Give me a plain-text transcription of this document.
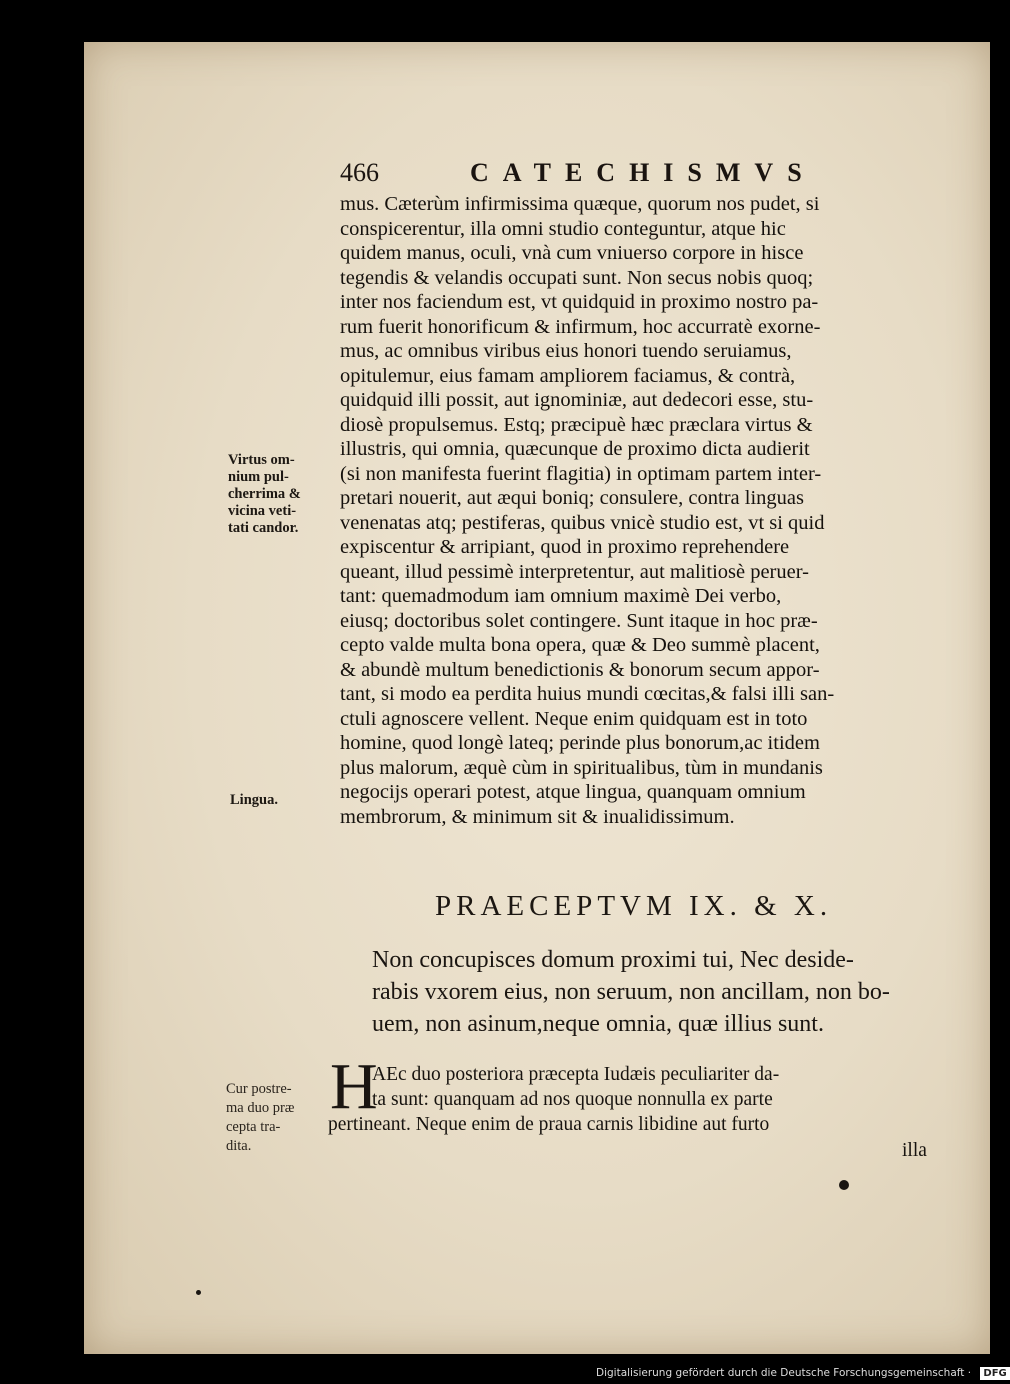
466	CATECHISMVS
mus. Cæterùm infirmissima quæque, quorum nos pudet, si
conspicerentur, illa omni studio conteguntur, atque hic
quidem manus, oculi, vnà cum vniuerso corpore in hisce
tegendis & velandis occupati sunt. Non secus nobis quoq;
inter nos faciendum est, vt quidquid in proximo nostro pa-
rum fuerit honorificum & infirmum, hoc accurratè exorne-
mus, ac omnibus viribus eius honori tuendo seruiamus,
opitulemur, eius famam ampliorem faciamus, & contrà,
quidquid illi possit, aut ignominiæ, aut dedecori esse, stu-
diosè propulsemus. Estq; præcipuè hæc præclara virtus &
illustris, qui omnia, quæcunque de proximo dicta audierit
(si non manifesta fuerint flagitia) in optimam partem inter-
pretari nouerit, aut æqui boniq; consulere, contra linguas
venenatas atq; pestiferas, quibus vnicè studio est, vt si quid
expiscentur & arripiant, quod in proximo reprehendere
queant, illud pessimè interpretentur, aut malitiosè peruer-
tant: quemadmodum iam omnium maximè Dei verbo,
eiusq; doctoribus solet contingere. Sunt itaque in hoc præ-
cepto valde multa bona opera, quæ & Deo summè placent,
& abundè multum benedictionis & bonorum secum appor-
tant, si modo ea perdita huius mundi cœcitas,& falsi illi san-
ctuli agnoscere vellent. Neque enim quidquam est in toto
homine, quod longè lateq; perinde plus bonorum,ac itidem
plus malorum, æquè cùm in spiritualibus, tùm in mundanis
negocijs operari potest, atque lingua, quanquam omnium
membrorum, & minimum sit & inualidissimum.
Virtus om-
nium pul-
cherrima &
vicina veti-
tati candor.
Lingua.
PRAECEPTVM IX. & X.
Non concupisces domum proximi tui, Nec deside-
rabis vxorem eius, non seruum, non ancillam, non bo-
uem, non asinum,neque omnia, quæ illius sunt.
Cur postre-
ma duo præ
cepta tra-
dita.
H
AEc duo posteriora præcepta Iudæis peculiariter da-
ta sunt: quanquam ad nos quoque nonnulla ex parte
pertineant. Neque enim de praua carnis libidine aut furto
illa
Digitalisierung gefördert durch die Deutsche Forschungsgemeinschaft · DFG
